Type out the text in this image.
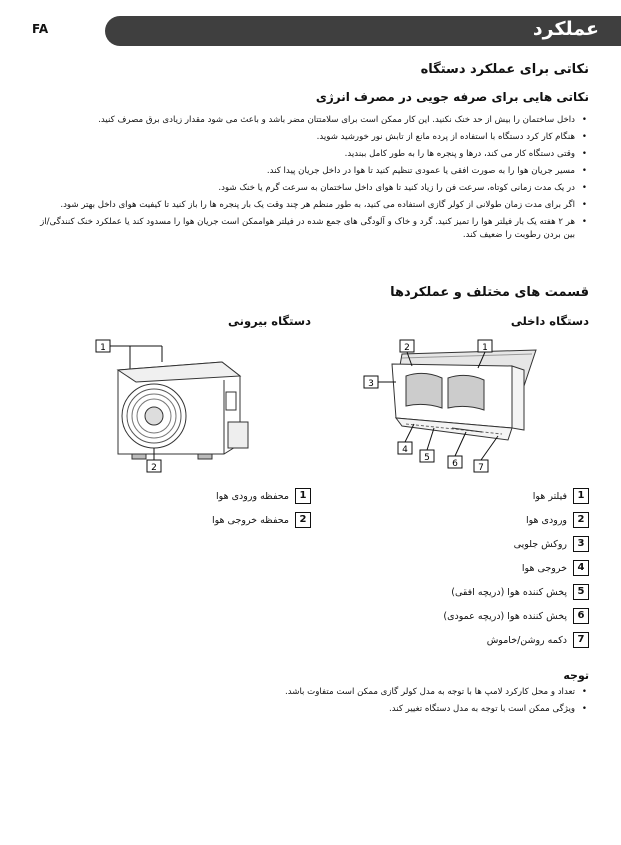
FA	عملکرد
نکاتی برای عملکرد دستگاه
نکاتی هایی برای صرفه جویی در مصرف انرژی
• داخل ساختمان را بیش از حد خنک نکنید. این کار ممکن است برای سلامتتان مضر باشد و باعث می شود مقدار زیادی برق مصرف کنید.
• هنگام کار کرد دستگاه با استفاده از پرده مانع از تابش نور خورشید شوید.
• وقتی دستگاه کار می کند، درها و پنجره ها را به طور کامل ببندید.
• مسیر جریان هوا را به صورت افقی یا عمودی تنظیم کنید تا هوا در داخل جریان پیدا کند.
• در یک مدت زمانی کوتاه، سرعت فن را زیاد کنید تا هوای داخل ساختمان به سرعت گرم یا خنک شود.
• اگر برای مدت زمان طولانی از کولر گازی استفاده می کنید، به طور منظم هر چند وقت یک بار پنجره ها را باز کنید تا کیفیت هوای داخل بهتر شود.
• هر ۲ هفته یک بار فیلتر هوا را تمیز کنید. گرد و خاک و آلودگی های جمع شده در فیلتر هواممکن است جریان هوا را مسدود کند یا عملکرد خنک کنندگی/از بین بردن رطوبت را ضعیف کند.
قسمت های مختلف و عملکردها
دستگاه داخلی
دستگاه بیرونی
1
2
2	1
3
4
5
6 7
1
فیلتر هوا
2
ورودی هوا
3
روکش جلویی
4
خروجی هوا
5
پخش کننده هوا (دریچه افقی)
6
پخش کننده هوا (دریچه عمودی)
7
دکمه روشن/خاموش
1
محفظه ورودی هوا
2
محفظه خروجی هوا
توجه
• تعداد و محل کارکرد لامپ ها با توجه به مدل کولر گازی ممکن است متفاوت باشد.
• ویژگی ممکن است با توجه به مدل دستگاه تغییر کند.
